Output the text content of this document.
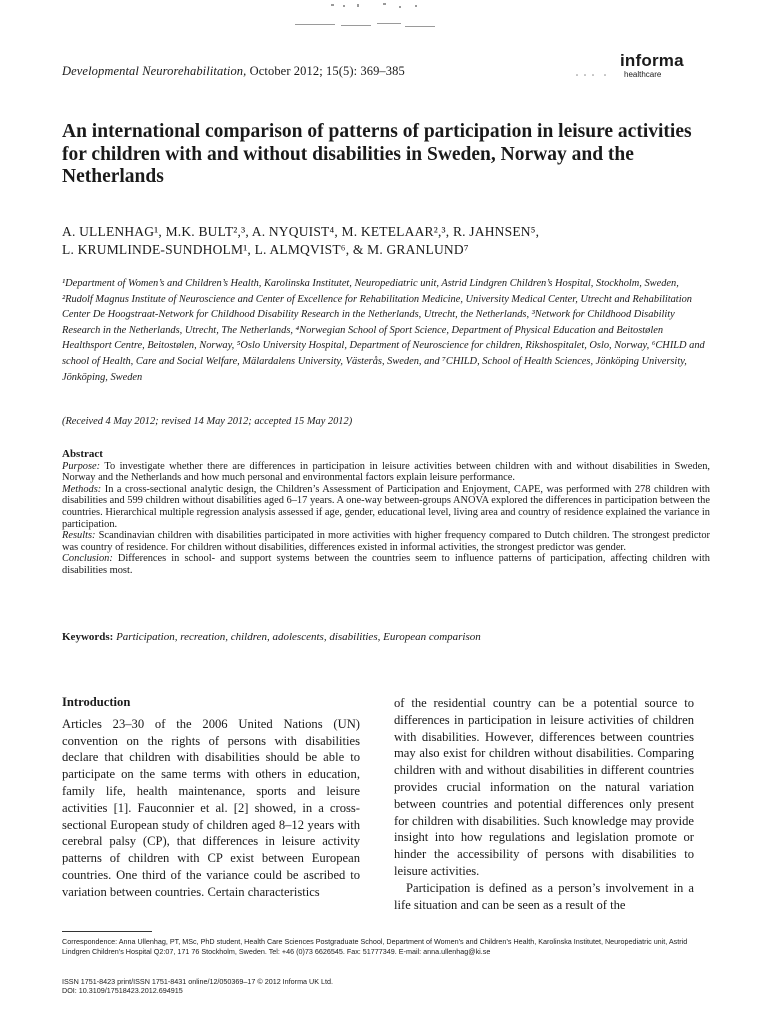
Developmental Neurorehabilitation, October 2012; 15(5): 369–385
informa
healthcare
An international comparison of patterns of participation in leisure activities for children with and without disabilities in Sweden, Norway and the Netherlands
A. ULLENHAG¹, M.K. BULT²,³, A. NYQUIST⁴, M. KETELAAR²,³, R. JAHNSEN⁵,
L. KRUMLINDE-SUNDHOLM¹, L. ALMQVIST⁶, & M. GRANLUND⁷
¹Department of Women’s and Children’s Health, Karolinska Institutet, Neuropediatric unit, Astrid Lindgren Children’s Hospital, Stockholm, Sweden, ²Rudolf Magnus Institute of Neuroscience and Center of Excellence for Rehabilitation Medicine, University Medical Center, Utrecht and Rehabilitation Center De Hoogstraat-Network for Childhood Disability Research in the Netherlands, Utrecht, the Netherlands, ³Network for Childhood Disability Research in the Netherlands, Utrecht, The Netherlands, ⁴Norwegian School of Sport Science, Department of Physical Education and Beitostølen Healthsport Centre, Beitostølen, Norway, ⁵Oslo University Hospital, Department of Neuroscience for children, Rikshospitalet, Oslo, Norway, ⁶CHILD and school of Health, Care and Social Welfare, Mälardalens University, Västerås, Sweden, and ⁷CHILD, School of Health Sciences, Jönköping University, Jönköping, Sweden
(Received 4 May 2012; revised 14 May 2012; accepted 15 May 2012)
Abstract
Purpose: To investigate whether there are differences in participation in leisure activities between children with and without disabilities in Sweden, Norway and the Netherlands and how much personal and environmental factors explain leisure performance.
Methods: In a cross-sectional analytic design, the Children’s Assessment of Participation and Enjoyment, CAPE, was performed with 278 children with disabilities and 599 children without disabilities aged 6–17 years. A one-way between-groups ANOVA explored the differences in participation between the countries. Hierarchical multiple regression analysis assessed if age, gender, educational level, living area and country of residence explained the variance in participation.
Results: Scandinavian children with disabilities participated in more activities with higher frequency compared to Dutch children. The strongest predictor was country of residence. For children without disabilities, differences existed in informal activities, the strongest predictor was gender.
Conclusion: Differences in school- and support systems between the countries seem to influence patterns of participation, affecting children with disabilities most.
Keywords: Participation, recreation, children, adolescents, disabilities, European comparison
Introduction

Articles 23–30 of the 2006 United Nations (UN) convention on the rights of persons with disabilities declare that children with disabilities should be able to participate on the same terms with others in education, family life, health maintenance, sports and leisure activities [1]. Fauconnier et al. [2] showed, in a cross-sectional European study of children aged 8–12 years with cerebral palsy (CP), that differences in leisure activity patterns of children with CP exist between European countries. One third of the variance could be ascribed to variation between countries. Certain characteristics

of the residential country can be a potential source to differences in participation in leisure activities of children with disabilities. However, differences between countries may also exist for children without disabilities. Comparing children with and without disabilities in different countries provides crucial information on the natural variation between countries and potential differences only present for children with disabilities. Such knowledge may provide insight into how regulations and legislation promote or hinder the accessibility of persons with disabilities to leisure activities.

Participation is defined as a person’s involvement in a life situation and can be seen as a result of the

Correspondence: Anna Ullenhag, PT, MSc, PhD student, Health Care Sciences Postgraduate School, Department of Women’s and Children’s Health, Karolinska Institutet, Neuropediatric unit, Astrid Lindgren Children’s Hospital Q2:07, 171 76 Stockholm, Sweden. Tel: +46 (0)73 6626545. Fax: 51777349. E-mail: anna.ullenhag@ki.se
ISSN 1751-8423 print/ISSN 1751-8431 online/12/050369–17 © 2012 Informa UK Ltd.
DOI: 10.3109/17518423.2012.694915
